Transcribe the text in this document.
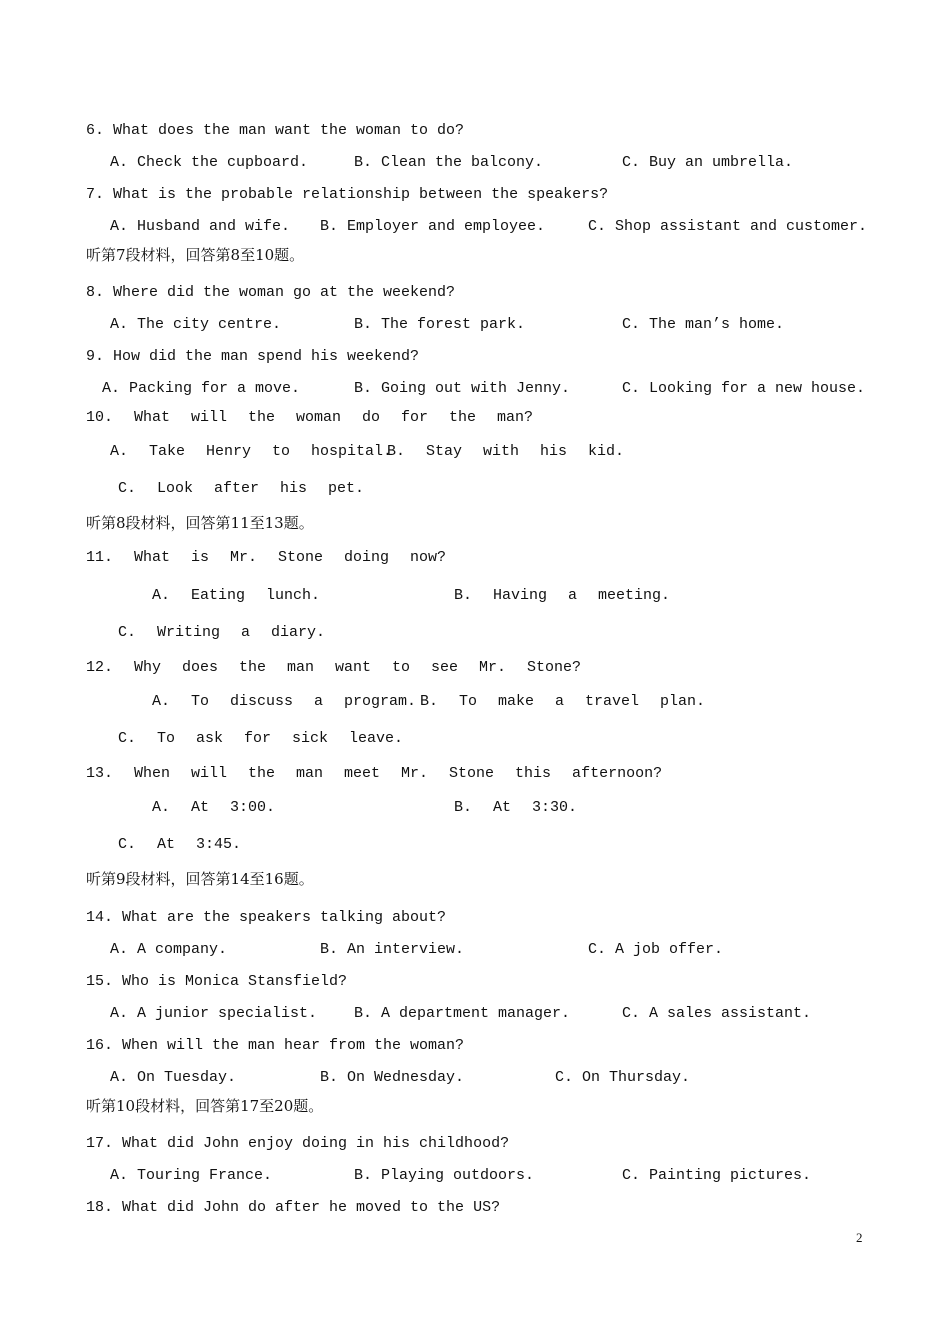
6. What does the man want the woman to do?
A. Check the cupboard.	B. Clean the balcony.	C. Buy an umbrella.
7. What is the probable relationship between the speakers?
A. Husband and wife. B. Employer and employee.	C. Shop assistant and customer.
听第7段材料，回答第8至10题。
8. Where did the woman go at the weekend?
A. The city centre.	B. The forest park.	C. The man’s home.
9. How did the man spend his weekend?
A. Packing for a move.	B. Going out with Jenny.	C. Looking for a new house.
10. What will the woman do for the man?
A. Take Henry to hospital.
B. Stay with his kid.
C. Look after his pet.
听第8段材料，回答第11至13题。
11. What is Mr. Stone doing now?
A. Eating lunch.	B. Having a meeting.
C. Writing a diary.
12. Why does the man want to see Mr. Stone?
A. To discuss a program. B. To make a travel plan.
C. To ask for sick leave.
13. When will the man meet Mr. Stone this afternoon?
A. At 3:00.	B. At 3:30.
C. At 3:45.
听第9段材料，回答第14至16题。
14. What are the speakers talking about?
A. A company.	B. An interview.	C. A job offer.
15. Who is Monica Stansfield?
A. A junior specialist. B. A department manager.	C. A sales assistant.
16. When will the man hear from the woman?
A. On Tuesday.	B. On Wednesday.	C. On Thursday.
听第10段材料，回答第17至20题。
17. What did John enjoy doing in his childhood?
A. Touring France.	B. Playing outdoors.	C. Painting pictures.
18. What did John do after he moved to the US?
2
